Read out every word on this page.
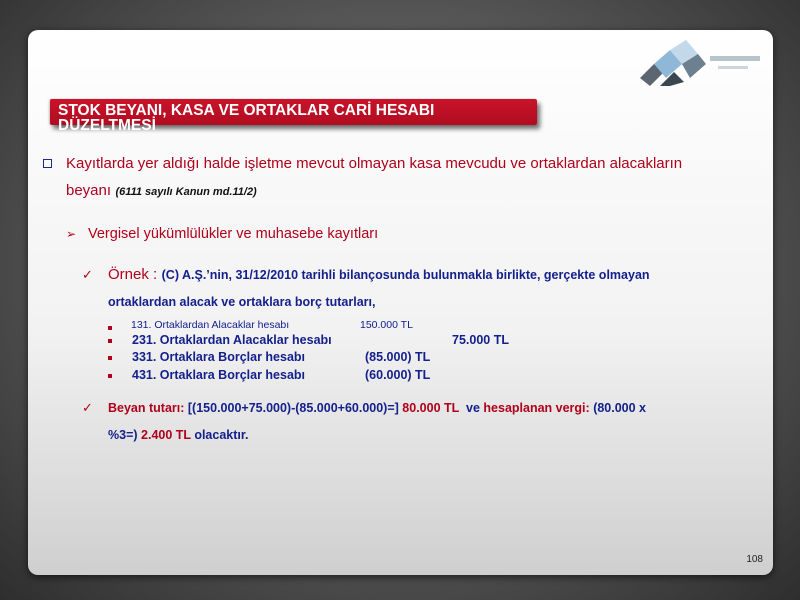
STOK BEYANI, KASA VE ORTAKLAR CARİ HESABI DÜZELTMESİ
Kayıtlarda yer aldığı halde işletme mevcut olmayan kasa mevcudu ve ortaklardan alacakların
beyanı (6111 sayılı Kanun md.11/2)
➢ Vergisel yükümlülükler ve muhasebe kayıtları
✓ Örnek : (C) A.Ş.’nin, 31/12/2010 tarihli bilançosunda bulunmakla birlikte, gerçekte olmayan
ortaklardan alacak ve ortaklara borç tutarları,
131. Ortaklardan Alacaklar hesabı	150.000 TL
231. Ortaklardan Alacaklar hesabı	75.000 TL
331. Ortaklara Borçlar hesabı	(85.000) TL
431. Ortaklara Borçlar hesabı	(60.000) TL
✓ Beyan tutarı: [(150.000+75.000)-(85.000+60.000)=] 80.000 TL ve hesaplanan vergi: (80.000 x
%3=) 2.400 TL olacaktır.
108
